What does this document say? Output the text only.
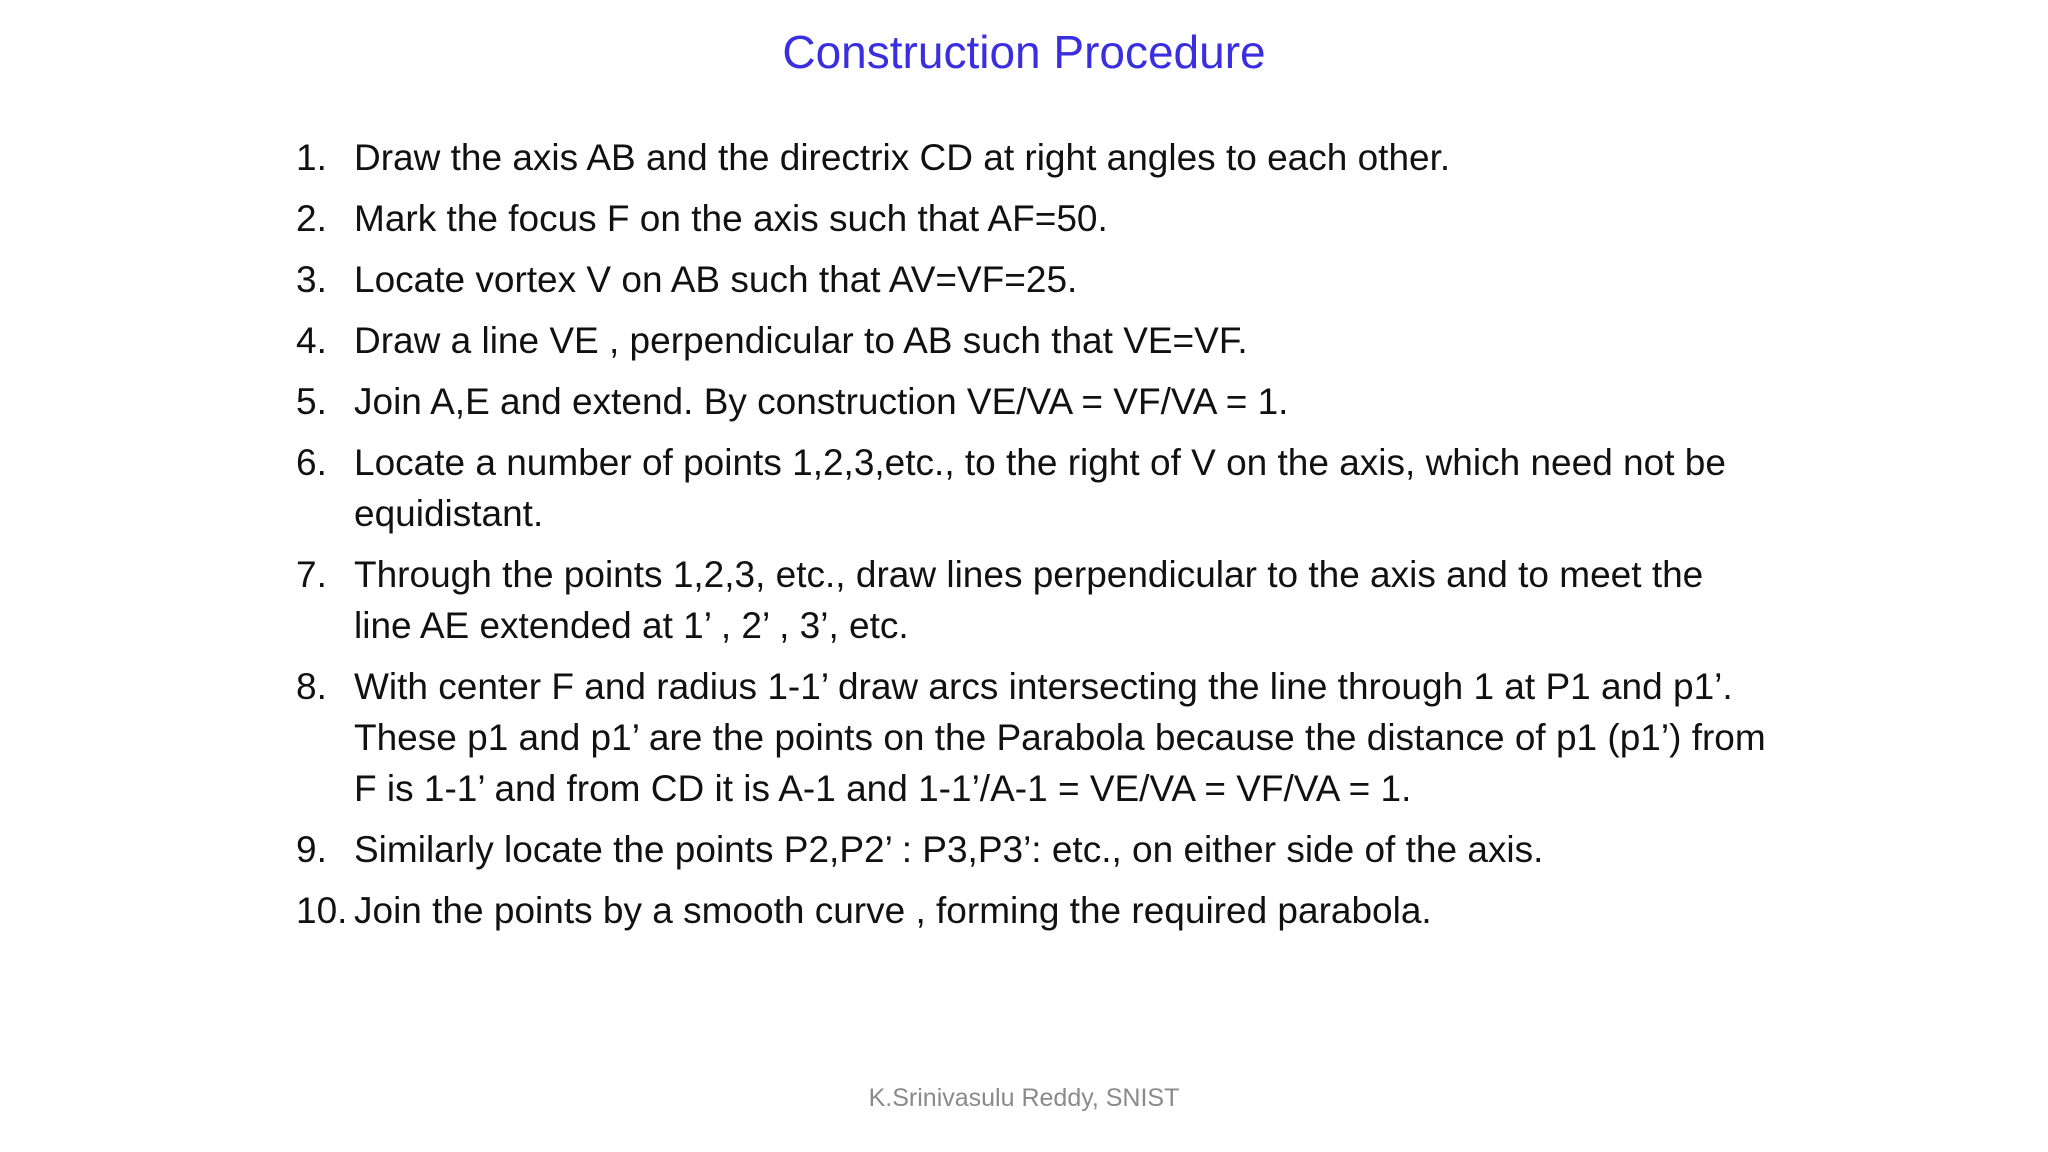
Construction Procedure
1. Draw the axis AB and the directrix CD at right angles to each other.
2. Mark the focus F on the axis such that AF=50.
3. Locate vortex V on AB such that AV=VF=25.
4. Draw a line VE , perpendicular to AB such that VE=VF.
5. Join A,E and extend. By construction VE/VA = VF/VA = 1.
6. Locate a number of points 1,2,3,etc., to the right of V on the axis, which need not be equidistant.
7. Through the points 1,2,3, etc., draw lines perpendicular to the axis and to meet the line AE extended at 1’ , 2’ , 3’, etc.
8. With center F and radius 1-1’ draw arcs intersecting the line through 1 at P1 and p1’. These p1 and p1’ are the points on the Parabola because the distance of p1 (p1’) from F is 1-1’ and from CD it is A-1 and 1-1’/A-1 = VE/VA = VF/VA = 1.
9. Similarly locate the points P2,P2’ : P3,P3’: etc., on either side of the axis.
10. Join the points by a smooth curve , forming the required parabola.
K.Srinivasulu Reddy, SNIST
